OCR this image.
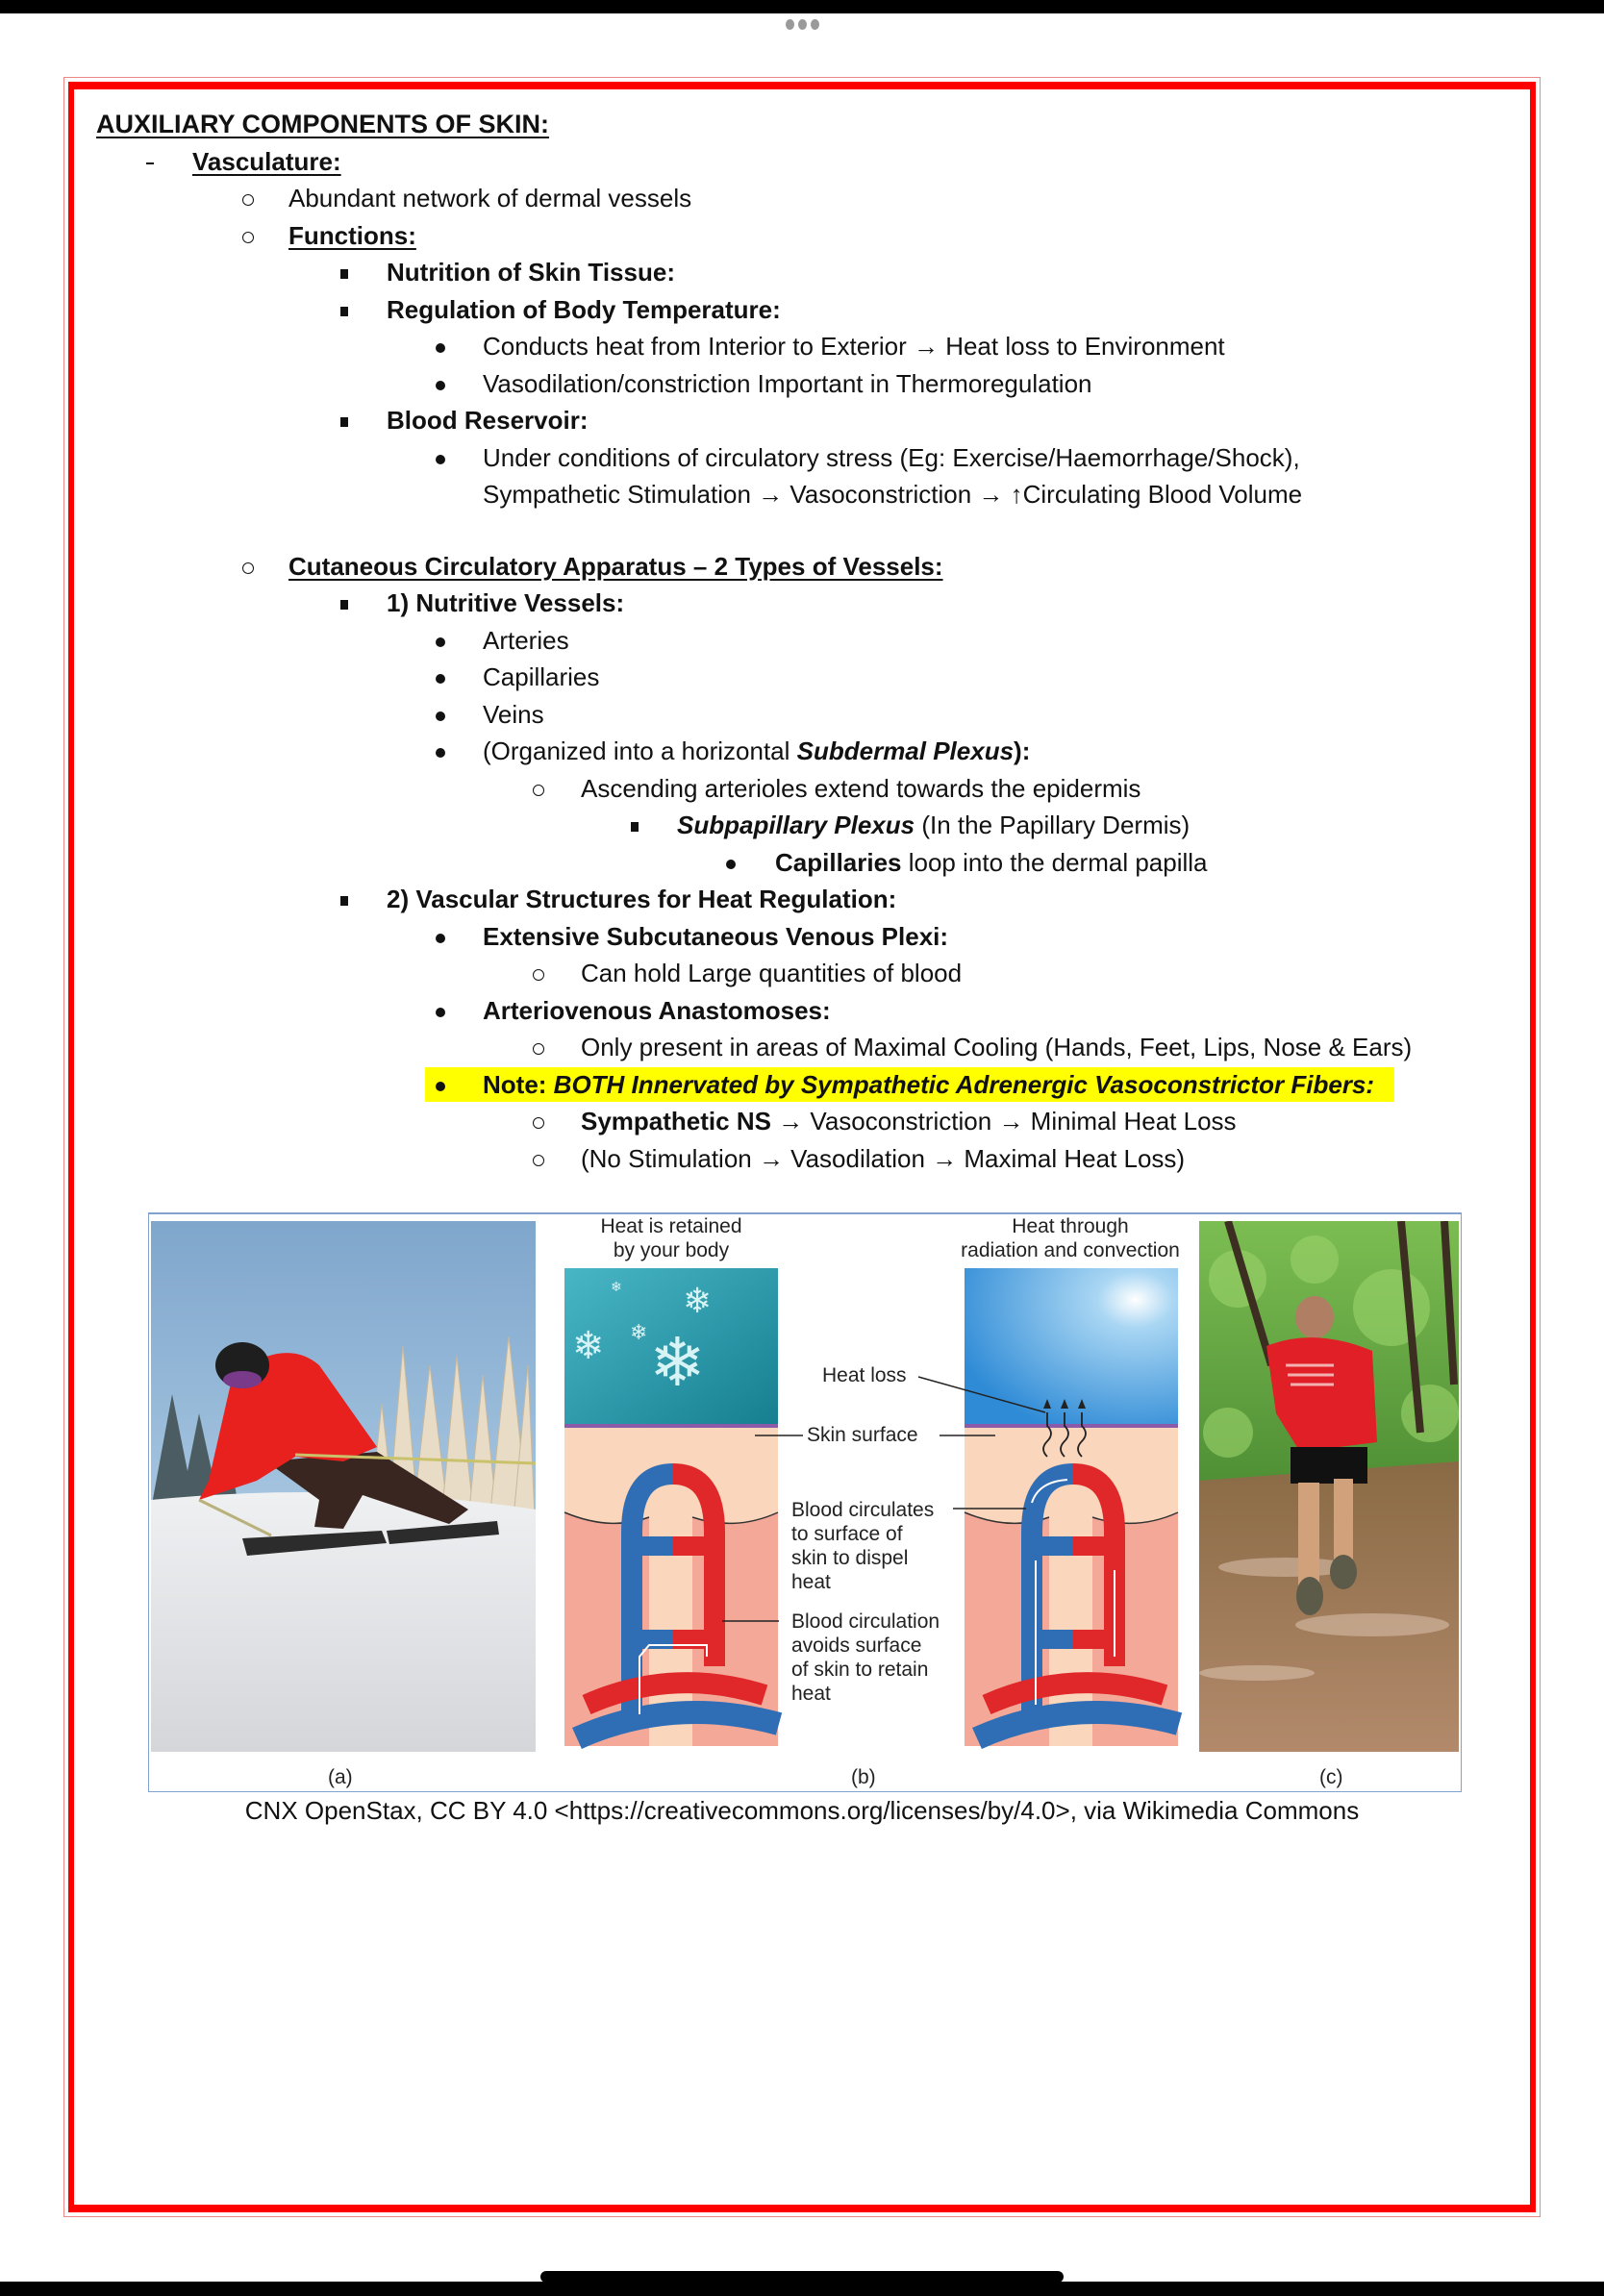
AUXILIARY COMPONENTS OF SKIN:
Vasculature:
Abundant network of dermal vessels
Functions:
Nutrition of Skin Tissue:
Regulation of Body Temperature:
Conducts heat from Interior to Exterior → Heat loss to Environment
Vasodilation/constriction Important in Thermoregulation
Blood Reservoir:
Under conditions of circulatory stress (Eg: Exercise/Haemorrhage/Shock),
Sympathetic Stimulation → Vasoconstriction → ↑Circulating Blood Volume
Cutaneous Circulatory Apparatus – 2 Types of Vessels:
1) Nutritive Vessels:
Arteries
Capillaries
Veins
(Organized into a horizontal Subdermal Plexus):
Ascending arterioles extend towards the epidermis
Subpapillary Plexus (In the Papillary Dermis)
Capillaries loop into the dermal papilla
2) Vascular Structures for Heat Regulation:
Extensive Subcutaneous Venous Plexi:
Can hold Large quantities of blood
Arteriovenous Anastomoses:
Only present in areas of Maximal Cooling (Hands, Feet, Lips, Nose & Ears)
Note: BOTH Innervated by Sympathetic Adrenergic Vasoconstrictor Fibers:
Sympathetic NS → Vasoconstriction → Minimal Heat Loss
(No Stimulation → Vasodilation → Maximal Heat Loss)
❄
❄
❄
❄
❄
Heat is retained
by your body
Heat through
radiation and convection
Heat loss
Skin surface
Blood circulates
to surface of
skin to dispel
heat
Blood circulation
avoids surface
of skin to retain
heat
(a)	(b)	(c)
CNX OpenStax, CC BY 4.0 <https://creativecommons.org/licenses/by/4.0>, via Wikimedia Commons
